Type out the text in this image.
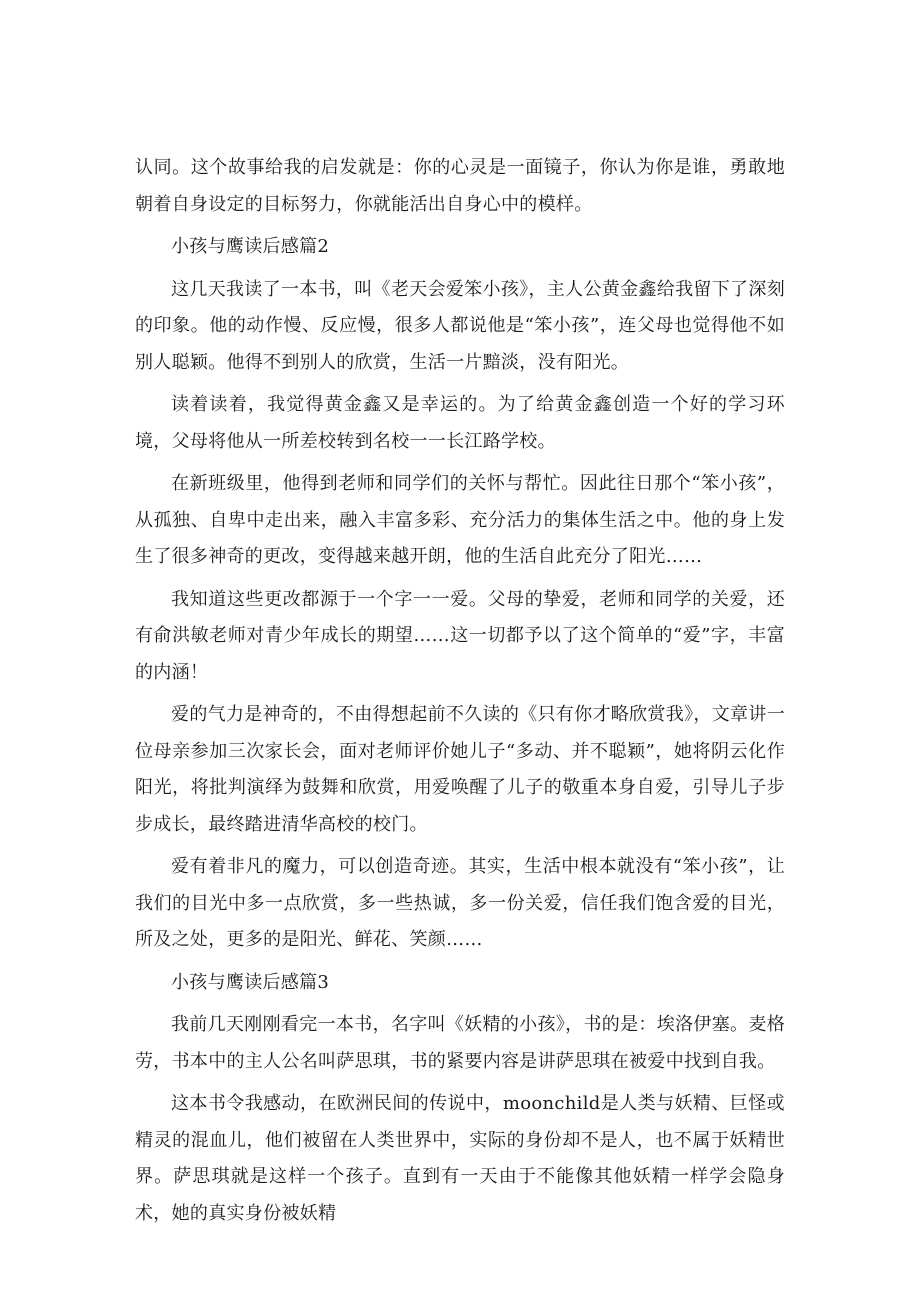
认同。这个故事给我的启发就是：你的心灵是一面镜子，你认为你是谁，勇敢地朝着自身设定的目标努力，你就能活出自身心中的模样。

小孩与鹰读后感篇2

这几天我读了一本书，叫《老天会爱笨小孩》，主人公黄金鑫给我留下了深刻的印象。他的动作慢、反应慢，很多人都说他是“笨小孩”，连父母也觉得他不如别人聪颖。他得不到别人的欣赏，生活一片黯淡，没有阳光。

读着读着，我觉得黄金鑫又是幸运的。为了给黄金鑫创造一个好的学习环境，父母将他从一所差校转到名校一一长江路学校。

在新班级里，他得到老师和同学们的关怀与帮忙。因此往日那个“笨小孩”，从孤独、自卑中走出来，融入丰富多彩、充分活力的集体生活之中。他的身上发生了很多神奇的更改，变得越来越开朗，他的生活自此充分了阳光……

我知道这些更改都源于一个字一一爱。父母的挚爱，老师和同学的关爱，还有俞洪敏老师对青少年成长的期望……这一切都予以了这个简单的“爱”字，丰富的内涵！

爱的气力是神奇的，不由得想起前不久读的《只有你才略欣赏我》，文章讲一位母亲参加三次家长会，面对老师评价她儿子“多动、并不聪颖”，她将阴云化作阳光，将批判演绎为鼓舞和欣赏，用爱唤醒了儿子的敬重本身自爱，引导儿子步步成长，最终踏进清华高校的校门。

爱有着非凡的魔力，可以创造奇迹。其实，生活中根本就没有“笨小孩”，让我们的目光中多一点欣赏，多一些热诚，多一份关爱，信任我们饱含爱的目光，所及之处，更多的是阳光、鲜花、笑颜……

小孩与鹰读后感篇3

我前几天刚刚看完一本书，名字叫《妖精的小孩》，书的是：埃洛伊塞。麦格劳，书本中的主人公名叫萨思琪，书的紧要内容是讲萨思琪在被爱中找到自我。

这本书令我感动，在欧洲民间的传说中，moonchild是人类与妖精、巨怪或精灵的混血儿，他们被留在人类世界中，实际的身份却不是人，也不属于妖精世界。萨思琪就是这样一个孩子。直到有一天由于不能像其他妖精一样学会隐身术，她的真实身份被妖精
